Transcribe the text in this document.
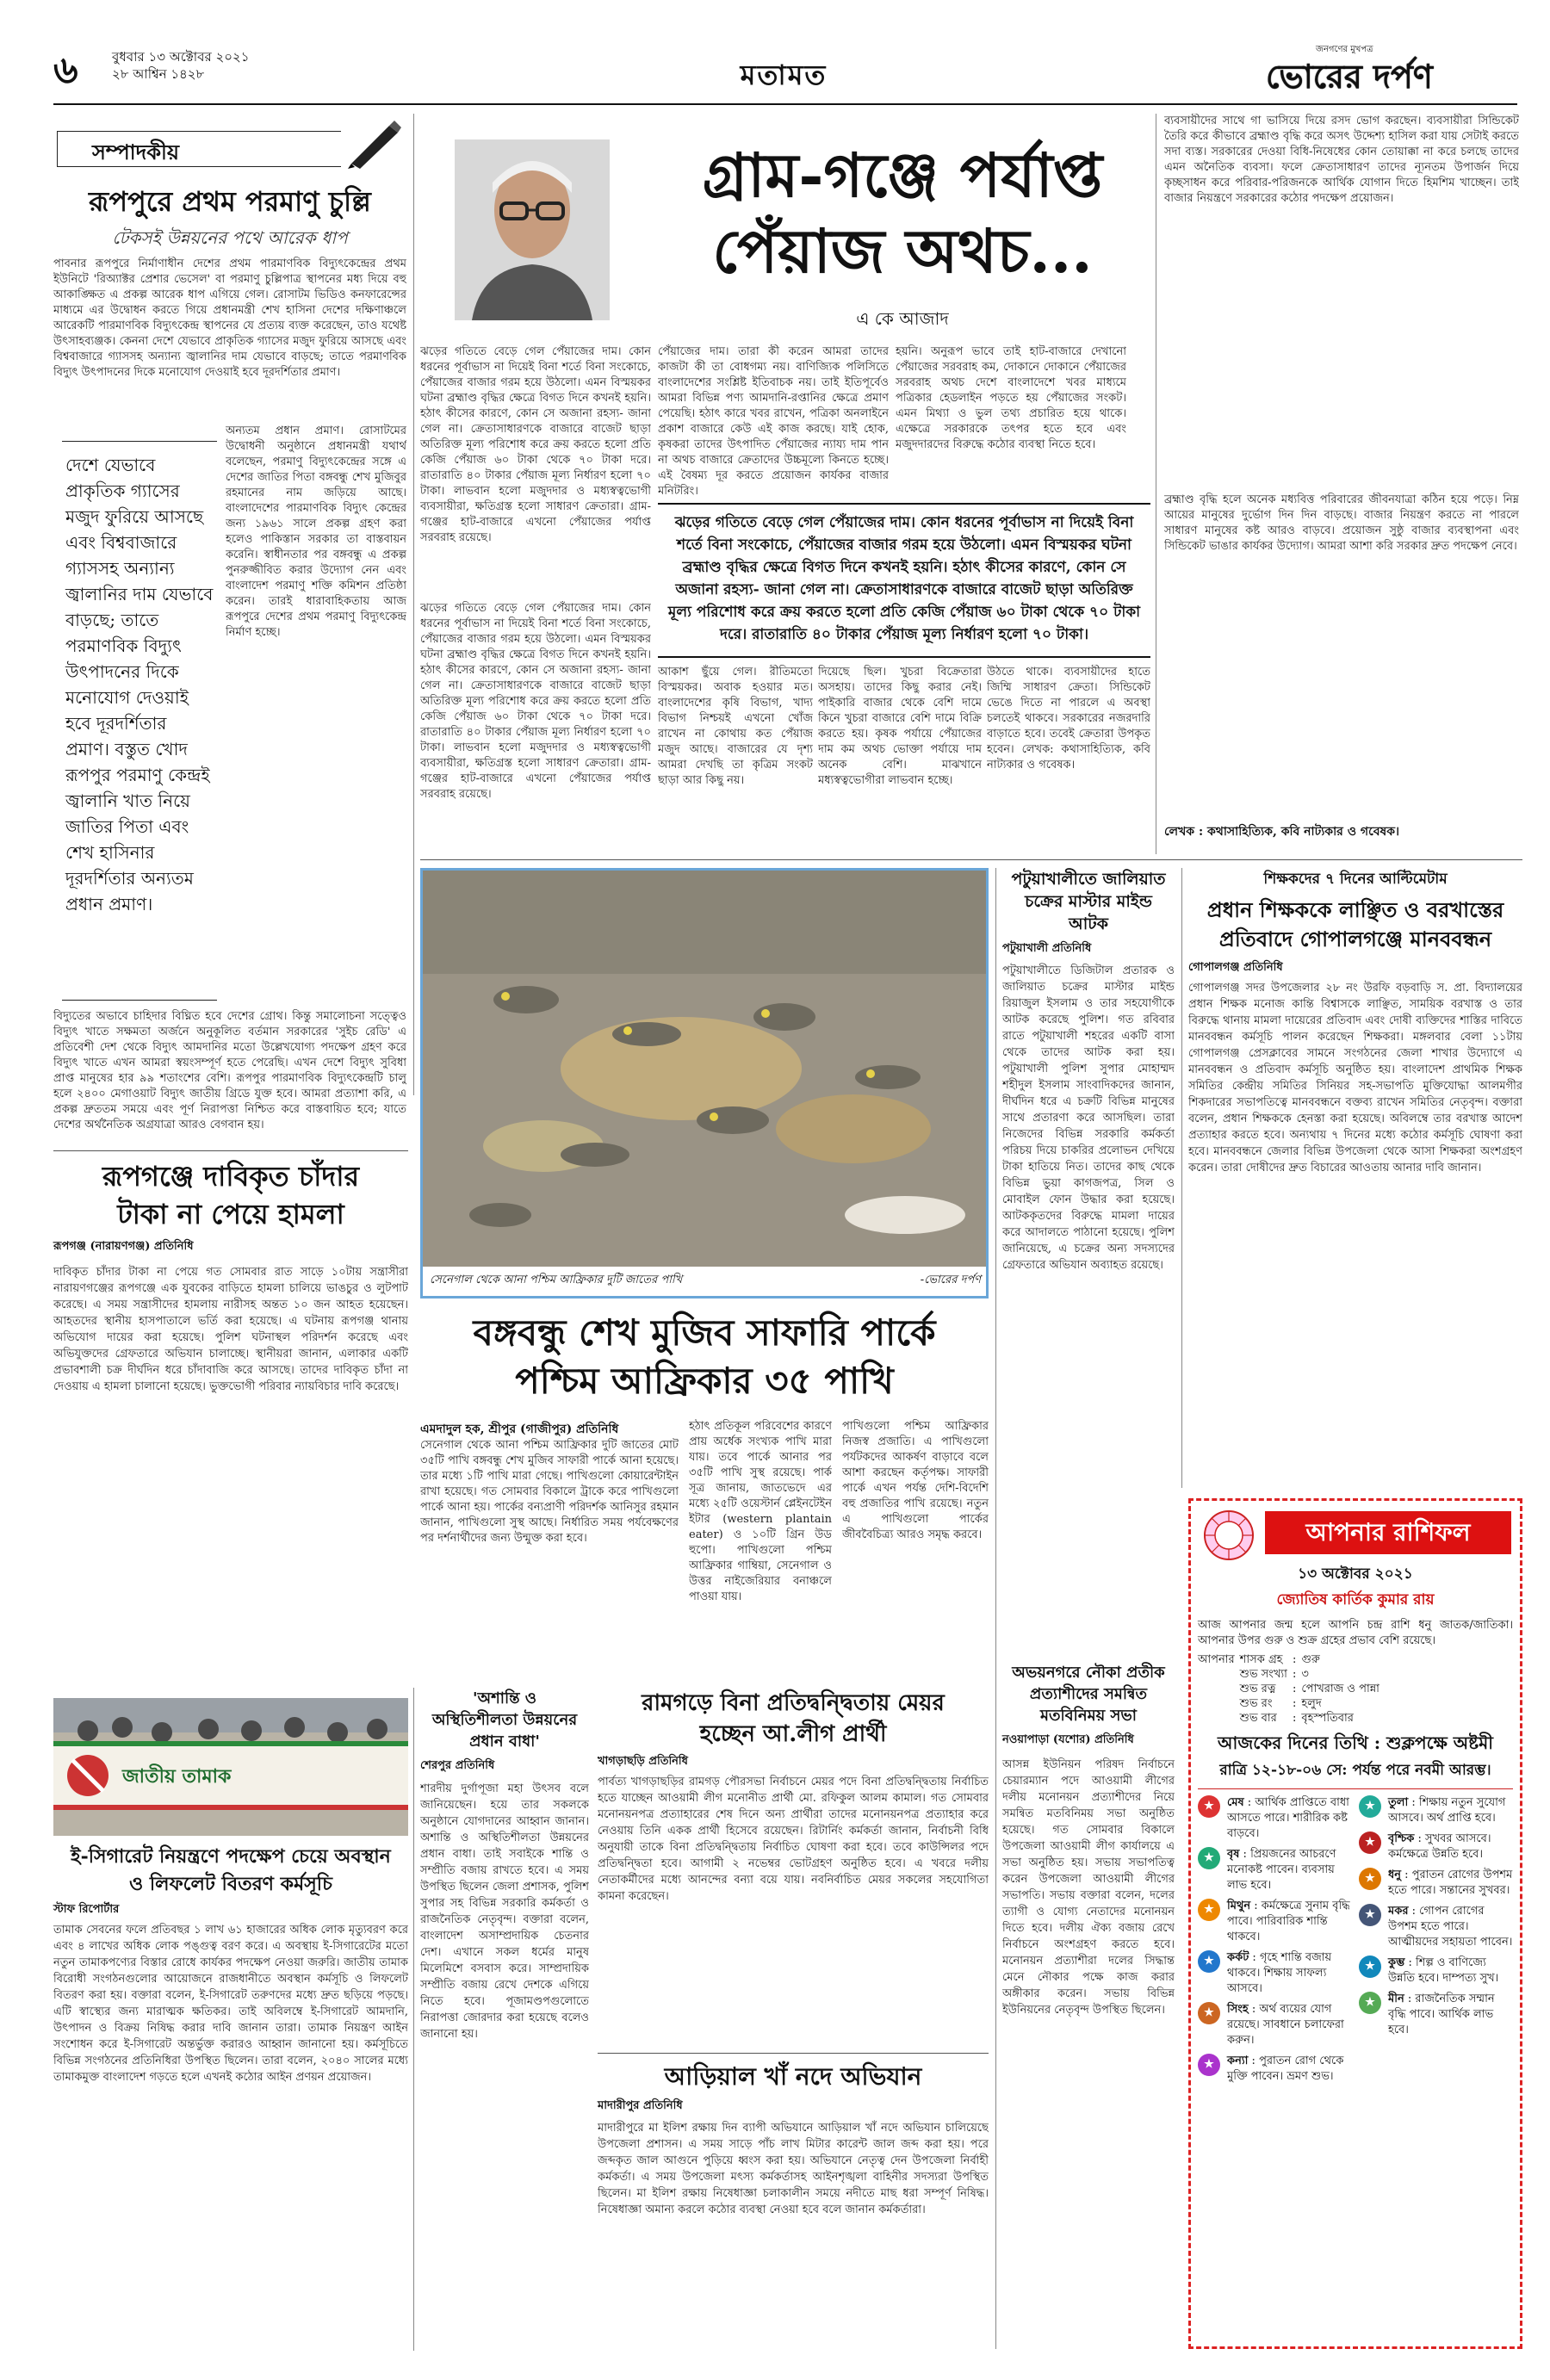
৬	বুধবার ১৩ অক্টোবর ২০২১
২৮ আশ্বিন ১৪২৮	মতামত
জনগণের মুখপত্র
ভোরের দর্পণ
সম্পাদকীয়
রূপপুরে প্রথম পরমাণু চুল্লি
টেকসই উন্নয়নের পথে আরেক ধাপ
পাবনার রূপপুরে নির্মাণাধীন দেশের প্রথম পারমাণবিক বিদ্যুৎকেন্দ্রের প্রথম ইউনিটে 'রিঅ্যাক্টর প্রেশার ভেসেল' বা পরমাণু চুল্লিপাত্র স্থাপনের মধ্য দিয়ে বহু আকাঙ্ক্ষিত এ প্রকল্প আরেক ধাপ এগিয়ে গেল। রোসাটম ভিডিও কনফারেন্সের মাধ্যমে এর উদ্বোধন করতে গিয়ে প্রধানমন্ত্রী শেখ হাসিনা দেশের দক্ষিণাঞ্চলে আরেকটি পারমাণবিক বিদ্যুৎকেন্দ্র স্থাপনের যে প্রত্যয় ব্যক্ত করেছেন, তাও যথেষ্ট উৎসাহব্যঞ্জক। কেননা দেশে যেভাবে প্রাকৃতিক গ্যাসের মজুদ ফুরিয়ে আসছে এবং বিশ্ববাজারে গ্যাসসহ অন্যান্য জ্বালানির দাম যেভাবে বাড়ছে; তাতে পরমাণবিক বিদ্যুৎ উৎপাদনের দিকে মনোযোগ দেওয়াই হবে দূরদর্শিতার প্রমাণ।
দেশে যেভাবে প্রাকৃতিক গ্যাসের মজুদ ফুরিয়ে আসছে এবং বিশ্ববাজারে গ্যাসসহ অন্যান্য জ্বালানির দাম যেভাবে বাড়ছে; তাতে পরমাণবিক বিদ্যুৎ উৎপাদনের দিকে মনোযোগ দেওয়াই হবে দূরদর্শিতার প্রমাণ। বস্তুত খোদ রূপপুর পরমাণু কেন্দ্রই জ্বালানি খাত নিয়ে জাতির পিতা এবং শেখ হাসিনার দূরদর্শিতার অন্যতম প্রধান প্রমাণ।
অন্যতম প্রধান প্রমাণ। রোসাটমের উদ্বোধনী অনুষ্ঠানে প্রধানমন্ত্রী যথার্থ বলেছেন, পরমাণু বিদ্যুৎকেন্দ্রের সঙ্গে এ দেশের জাতির পিতা বঙ্গবন্ধু শেখ মুজিবুর রহমানের নাম জড়িয়ে আছে। বাংলাদেশের পারমাণবিক বিদ্যুৎ কেন্দ্রের জন্য ১৯৬১ সালে প্রকল্প গ্রহণ করা হলেও পাকিস্তান সরকার তা বাস্তবায়ন করেনি। স্বাধীনতার পর বঙ্গবন্ধু এ প্রকল্প পুনরুজ্জীবিত করার উদ্যোগ নেন এবং বাংলাদেশ পরমাণু শক্তি কমিশন প্রতিষ্ঠা করেন। তারই ধারাবাহিকতায় আজ রূপপুরে দেশের প্রথম পরমাণু বিদ্যুৎকেন্দ্র নির্মাণ হচ্ছে।
বিদ্যুতের অভাবে চাহিদার বিঘ্নিত হবে দেশের গ্রোথ। কিন্তু সমালোচনা সত্ত্বেও বিদ্যুৎ খাতে সক্ষমতা অর্জনে অনুকূলিত বর্তমান সরকারের 'সুইচ রেডি' এ প্রতিবেশী দেশ থেকে বিদ্যুৎ আমদানির মতো উল্লেখযোগ্য পদক্ষেপ গ্রহণ করে বিদ্যুৎ খাতে এখন আমরা স্বয়ংসম্পূর্ণ হতে পেরেছি। এখন দেশে বিদ্যুৎ সুবিধা প্রাপ্ত মানুষের হার ৯৯ শতাংশের বেশি। রূপপুর পারমাণবিক বিদ্যুৎকেন্দ্রটি চালু হলে ২৪০০ মেগাওয়াট বিদ্যুৎ জাতীয় গ্রিডে যুক্ত হবে। আমরা প্রত্যাশা করি, এ প্রকল্প দ্রুততম সময়ে এবং পূর্ণ নিরাপত্তা নিশ্চিত করে বাস্তবায়িত হবে; যাতে দেশের অর্থনৈতিক অগ্রযাত্রা আরও বেগবান হয়।
গ্রাম-গঞ্জে পর্যাপ্ত
পেঁয়াজ অথচ...
এ কে আজাদ
ঝড়ের গতিতে বেড়ে গেল পেঁয়াজের দাম। কোন ধরনের পূর্বাভাস না দিয়েই বিনা শর্তে বিনা সংকোচে, পেঁয়াজের বাজার গরম হয়ে উঠলো। এমন বিস্ময়কর ঘটনা ব্রহ্মাণ্ড বৃদ্ধির ক্ষেত্রে বিগত দিনে কখনই হয়নি। হঠাৎ কীসের কারণে, কোন সে অজানা রহস্য- জানা গেল না। ক্রেতাসাধারণকে বাজারে বাজেট ছাড়া অতিরিক্ত মূল্য পরিশোধ করে ক্রয় করতে হলো প্রতি কেজি পেঁয়াজ ৬০ টাকা থেকে ৭০ টাকা দরে। রাতারাতি ৪০ টাকার পেঁয়াজ মূল্য নির্ধারণ হলো ৭০ টাকা। লাভবান হলো মজুদদার ও মধ্যস্বত্বভোগী ব্যবসায়ীরা, ক্ষতিগ্রস্ত হলো সাধারণ ক্রেতারা। গ্রাম-গঞ্জের হাট-বাজারে এখনো পেঁয়াজের পর্যাপ্ত সরবরাহ রয়েছে।
পেঁয়াজের দাম। তারা কী করেন আমরা তাদের কাজটা কী তা বোধগম্য নয়। বাণিজ্যিক পলিসিতে বাংলাদেশের সংশ্লিষ্ট ইতিবাচক নয়। তাই ইতিপূর্বেও আমরা বিভিন্ন পণ্য আমদানি-রপ্তানির ক্ষেত্রে প্রমাণ পেয়েছি। হঠাৎ কারে খবর রাখেন, পত্রিকা অনলাইনে প্রকাশ বাজারে কেউ এই কাজ করছে। যাই হোক, কৃষকরা তাদের উৎপাদিত পেঁয়াজের ন্যায্য দাম পান না অথচ বাজারে ক্রেতাদের উচ্চমূল্যে কিনতে হচ্ছে। এই বৈষম্য দূর করতে প্রয়োজন কার্যকর বাজার মনিটরিং।
হয়নি। অনুরূপ ভাবে তাই হাট-বাজারে দেখানো পেঁয়াজের সরবরাহ কম, দোকানে দোকানে পেঁয়াজের সরবরাহ অথচ দেশে বাংলাদেশে খবর মাধ্যমে পত্রিকার হেডলাইন পড়তে হয় পেঁয়াজের সংকট। এমন মিথ্যা ও ভুল তথ্য প্রচারিত হয়ে থাকে। এক্ষেত্রে সরকারকে তৎপর হতে হবে এবং মজুদদারদের বিরুদ্ধে কঠোর ব্যবস্থা নিতে হবে।
ব্যবসায়ীদের সাথে গা ভাসিয়ে দিয়ে রসদ ভোগ করছেন। ব্যবসায়ীরা সিন্ডিকেট তৈরি করে কীভাবে ব্রহ্মাণ্ড বৃদ্ধি করে অসৎ উদ্দেশ্য হাসিল করা যায় সেটাই করতে সদা ব্যস্ত। সরকারের দেওয়া বিধি-নিষেধের কোন তোয়াক্কা না করে চলছে তাদের এমন অনৈতিক ব্যবসা। ফলে ক্রেতাসাধারণ তাদের ন্যূনতম উপার্জন দিয়ে কৃচ্ছসাধন করে পরিবার-পরিজনকে আর্থিক যোগান দিতে হিমশিম খাচ্ছেন। তাই বাজার নিয়ন্ত্রণে সরকারের কঠোর পদক্ষেপ প্রয়োজন।
ব্রহ্মাণ্ড বৃদ্ধি হলে অনেক মধ্যবিত্ত পরিবারের জীবনযাত্রা কঠিন হয়ে পড়ে। নিম্ন আয়ের মানুষের দুর্ভোগ দিন দিন বাড়ছে। বাজার নিয়ন্ত্রণ করতে না পারলে সাধারণ মানুষের কষ্ট আরও বাড়বে। প্রয়োজন সুষ্ঠু বাজার ব্যবস্থাপনা এবং সিন্ডিকেট ভাঙার কার্যকর উদ্যোগ। আমরা আশা করি সরকার দ্রুত পদক্ষেপ নেবে।
ঝড়ের গতিতে বেড়ে গেল পেঁয়াজের দাম। কোন ধরনের পূর্বাভাস না দিয়েই বিনা শর্তে বিনা সংকোচে, পেঁয়াজের বাজার গরম হয়ে উঠলো। এমন বিস্ময়কর ঘটনা ব্রহ্মাণ্ড বৃদ্ধির ক্ষেত্রে বিগত দিনে কখনই হয়নি। হঠাৎ কীসের কারণে, কোন সে অজানা রহস্য- জানা গেল না। ক্রেতাসাধারণকে বাজারে বাজেট ছাড়া অতিরিক্ত মূল্য পরিশোধ করে ক্রয় করতে হলো প্রতি কেজি পেঁয়াজ ৬০ টাকা থেকে ৭০ টাকা দরে। রাতারাতি ৪০ টাকার পেঁয়াজ মূল্য নির্ধারণ হলো ৭০ টাকা।
আকাশ ছুঁয়ে গেল। রীতিমতো বিস্ময়কর। অবাক হওয়ার মত। বাংলাদেশের কৃষি বিভাগ, খাদ্য বিভাগ নিশ্চয়ই এখনো খোঁজ রাখেন না কোথায় কত পেঁয়াজ মজুদ আছে। বাজারের যে দৃশ্য আমরা দেখছি তা কৃত্রিম সংকট ছাড়া আর কিছু নয়।
দিয়েছে ছিল। খুচরা বিক্রেতারা অসহায়। তাদের কিছু করার নেই। পাইকারি বাজার থেকে বেশি দামে কিনে খুচরা বাজারে বেশি দামে বিক্রি করতে হয়। কৃষক পর্যায়ে পেঁয়াজের দাম কম অথচ ভোক্তা পর্যায়ে দাম অনেক বেশি। মাঝখানে মধ্যস্বত্বভোগীরা লাভবান হচ্ছে।
উঠতে থাকে। ব্যবসায়ীদের হাতে জিম্মি সাধারণ ক্রেতা। সিন্ডিকেট ভেঙে দিতে না পারলে এ অবস্থা চলতেই থাকবে। সরকারের নজরদারি বাড়াতে হবে। তবেই ক্রেতারা উপকৃত হবেন। লেখক: কথাসাহিত্যিক, কবি নাট্যকার ও গবেষক।
ঝড়ের গতিতে বেড়ে গেল পেঁয়াজের দাম। কোন ধরনের পূর্বাভাস না দিয়েই বিনা শর্তে বিনা সংকোচে, পেঁয়াজের বাজার গরম হয়ে উঠলো। এমন বিস্ময়কর ঘটনা ব্রহ্মাণ্ড বৃদ্ধির ক্ষেত্রে বিগত দিনে কখনই হয়নি। হঠাৎ কীসের কারণে, কোন সে অজানা রহস্য- জানা গেল না। ক্রেতাসাধারণকে বাজারে বাজেট ছাড়া অতিরিক্ত মূল্য পরিশোধ করে ক্রয় করতে হলো প্রতি কেজি পেঁয়াজ ৬০ টাকা থেকে ৭০ টাকা দরে। রাতারাতি ৪০ টাকার পেঁয়াজ মূল্য নির্ধারণ হলো ৭০ টাকা। লাভবান হলো মজুদদার ও মধ্যস্বত্বভোগী ব্যবসায়ীরা, ক্ষতিগ্রস্ত হলো সাধারণ ক্রেতারা। গ্রাম-গঞ্জের হাট-বাজারে এখনো পেঁয়াজের পর্যাপ্ত সরবরাহ রয়েছে।
লেখক : কথাসাহিত্যিক, কবি নাট্যকার ও গবেষক।
সেনেগাল থেকে আনা পশ্চিম আফ্রিকার দুটি জাতের পাখি	-ভোরের দর্পণ
বঙ্গবন্ধু শেখ মুজিব সাফারি পার্কে
পশ্চিম আফ্রিকার ৩৫ পাখি
এমদাদুল হক, শ্রীপুর (গাজীপুর) প্রতিনিধি
সেনেগাল থেকে আনা পশ্চিম আফ্রিকার দুটি জাতের মোট ৩৫টি পাখি বঙ্গবন্ধু শেখ মুজিব সাফারী পার্কে আনা হয়েছে। তার মধ্যে ১টি পাখি মারা গেছে। পাখিগুলো কোয়ারেন্টাইন রাখা হয়েছে। গত সোমবার বিকালে ট্রাকে করে পাখিগুলো পার্কে আনা হয়। পার্কের বন্যপ্রাণী পরিদর্শক আনিসুর রহমান জানান, পাখিগুলো সুস্থ আছে। নির্ধারিত সময় পর্যবেক্ষণের পর দর্শনার্থীদের জন্য উন্মুক্ত করা হবে।
হঠাৎ প্রতিকূল পরিবেশের কারণে প্রায় অর্ধেক সংখ্যক পাখি মারা যায়। তবে পার্কে আনার পর ৩৫টি পাখি সুস্থ রয়েছে। পার্ক সূত্র জানায়, জাতভেদে এর মধ্যে ২৫টি ওয়েস্টার্ন প্লেইনটেইন ইটার (western plantain eater) ও ১০টি গ্রিন উড হুপো। পাখিগুলো পশ্চিম আফ্রিকার গাম্বিয়া, সেনেগাল ও উত্তর নাইজেরিয়ার বনাঞ্চলে পাওয়া যায়।
পাখিগুলো পশ্চিম আফ্রিকার নিজস্ব প্রজাতি। এ পাখিগুলো পর্যটকদের আকর্ষণ বাড়াবে বলে আশা করছেন কর্তৃপক্ষ। সাফারী পার্কে এখন পর্যন্ত দেশি-বিদেশি বহু প্রজাতির পাখি রয়েছে। নতুন এ পাখিগুলো পার্কের জীববৈচিত্র্য আরও সমৃদ্ধ করবে।
পটুয়াখালীতে জালিয়াত
চক্রের মাস্টার মাইন্ড
আটক
পটুয়াখালী প্রতিনিধি
পটুয়াখালীতে ডিজিটাল প্রতারক ও জালিয়াত চক্রের মাস্টার মাইন্ড রিয়াজুল ইসলাম ও তার সহযোগীকে আটক করেছে পুলিশ। গত রবিবার রাতে পটুয়াখালী শহরের একটি বাসা থেকে তাদের আটক করা হয়। পটুয়াখালী পুলিশ সুপার মোহাম্মদ শহীদুল ইসলাম সাংবাদিকদের জানান, দীর্ঘদিন ধরে এ চক্রটি বিভিন্ন মানুষের সাথে প্রতারণা করে আসছিল। তারা নিজেদের বিভিন্ন সরকারি কর্মকর্তা পরিচয় দিয়ে চাকরির প্রলোভন দেখিয়ে টাকা হাতিয়ে নিত। তাদের কাছ থেকে বিভিন্ন ভুয়া কাগজপত্র, সিল ও মোবাইল ফোন উদ্ধার করা হয়েছে। আটককৃতদের বিরুদ্ধে মামলা দায়ের করে আদালতে পাঠানো হয়েছে। পুলিশ জানিয়েছে, এ চক্রের অন্য সদস্যদের গ্রেফতারে অভিযান অব্যাহত রয়েছে।
অভয়নগরে নৌকা প্রতীক
প্রত্যাশীদের সমন্বিত
মতবিনিময় সভা
নওয়াপাড়া (যশোর) প্রতিনিধি
আসন্ন ইউনিয়ন পরিষদ নির্বাচনে চেয়ারম্যান পদে আওয়ামী লীগের দলীয় মনোনয়ন প্রত্যাশীদের নিয়ে সমন্বিত মতবিনিময় সভা অনুষ্ঠিত হয়েছে। গত সোমবার বিকালে উপজেলা আওয়ামী লীগ কার্যালয়ে এ সভা অনুষ্ঠিত হয়। সভায় সভাপতিত্ব করেন উপজেলা আওয়ামী লীগের সভাপতি। সভায় বক্তারা বলেন, দলের ত্যাগী ও যোগ্য নেতাদের মনোনয়ন দিতে হবে। দলীয় ঐক্য বজায় রেখে নির্বাচনে অংশগ্রহণ করতে হবে। মনোনয়ন প্রত্যাশীরা দলের সিদ্ধান্ত মেনে নৌকার পক্ষে কাজ করার অঙ্গীকার করেন। সভায় বিভিন্ন ইউনিয়নের নেতৃবৃন্দ উপস্থিত ছিলেন।
শিক্ষকদের ৭ দিনের আল্টিমেটাম
প্রধান শিক্ষককে লাঞ্ছিত ও বরখাস্তের
প্রতিবাদে গোপালগঞ্জে মানববন্ধন
গোপালগঞ্জ প্রতিনিধি
গোপালগঞ্জ সদর উপজেলার ২৮ নং উরফি বড়বাড়ি স. প্রা. বিদ্যালয়ের প্রধান শিক্ষক মনোজ কান্তি বিশ্বাসকে লাঞ্ছিত, সাময়িক বরখাস্ত ও তার বিরুদ্ধে থানায় মামলা দায়েরের প্রতিবাদ এবং দোষী ব্যক্তিদের শাস্তির দাবিতে মানববন্ধন কর্মসূচি পালন করেছেন শিক্ষকরা। মঙ্গলবার বেলা ১১টায় গোপালগঞ্জ প্রেসক্লাবের সামনে সংগঠনের জেলা শাখার উদ্যোগে এ মানববন্ধন ও প্রতিবাদ কর্মসূচি অনুষ্ঠিত হয়। বাংলাদেশ প্রাথমিক শিক্ষক সমিতির কেন্দ্রীয় সমিতির সিনিয়র সহ-সভাপতি মুক্তিযোদ্ধা আলমগীর শিকদারের সভাপতিত্বে মানববন্ধনে বক্তব্য রাখেন সমিতির নেতৃবৃন্দ। বক্তারা বলেন, প্রধান শিক্ষককে হেনস্তা করা হয়েছে। অবিলম্বে তার বরখাস্ত আদেশ প্রত্যাহার করতে হবে। অন্যথায় ৭ দিনের মধ্যে কঠোর কর্মসূচি ঘোষণা করা হবে। মানববন্ধনে জেলার বিভিন্ন উপজেলা থেকে আসা শিক্ষকরা অংশগ্রহণ করেন। তারা দোষীদের দ্রুত বিচারের আওতায় আনার দাবি জানান।
আপনার রাশিফল
১৩ অক্টোবর ২০২১
জ্যোতিষ কার্তিক কুমার রায়
আজ আপনার জন্ম হলে আপনি চন্দ্র রাশি ধনু জাতক/জাতিকা। আপনার উপর গুরু ও শুক্র গ্রহের প্রভাব বেশি রয়েছে।
আপনার	শাসক গ্রহ	:	গুরু
	শুভ সংখ্যা	:	৩
	শুভ রত্ন	:	পোখরাজ ও পান্না
	শুভ রং	:	হলুদ
	শুভ বার	:	বৃহস্পতিবার
আজকের দিনের তিথি : শুক্লপক্ষে অষ্টমী
রাত্রি ১২-১৮-০৬ সে: পর্যন্ত পরে নবমী আরম্ভ।
★	মেষ : আর্থিক প্রাপ্তিতে বাধা আসতে পারে। শারীরিক কষ্ট বাড়বে।
★	বৃষ : প্রিয়জনের আচরণে মনোকষ্ট পাবেন। ব্যবসায় লাভ হবে।
★	মিথুন : কর্মক্ষেত্রে সুনাম বৃদ্ধি পাবে। পারিবারিক শান্তি থাকবে।
★	কর্কট : গৃহে শান্তি বজায় থাকবে। শিক্ষায় সাফল্য আসবে।
★	সিংহ : অর্থ ব্যয়ের যোগ রয়েছে। সাবধানে চলাফেরা করুন।
★	কন্যা : পুরাতন রোগ থেকে মুক্তি পাবেন। ভ্রমণ শুভ।
★	তুলা : শিক্ষায় নতুন সুযোগ আসবে। অর্থ প্রাপ্তি হবে।
★	বৃশ্চিক : সুখবর আসবে। কর্মক্ষেত্রে উন্নতি হবে।
★	ধনু : পুরাতন রোগের উপশম হতে পারে। সন্তানের সুখবর।
★	মকর : গোপন রোগের উপশম হতে পারে। আত্মীয়দের সহায়তা পাবেন।
★	কুম্ভ : শিল্প ও বাণিজ্যে উন্নতি হবে। দাম্পত্য সুখ।
★	মীন : রাজনৈতিক সম্মান বৃদ্ধি পাবে। আর্থিক লাভ হবে।
রূপগঞ্জে দাবিকৃত চাঁদার
টাকা না পেয়ে হামলা
রূপগঞ্জ (নারায়ণগঞ্জ) প্রতিনিধি
দাবিকৃত চাঁদার টাকা না পেয়ে গত সোমবার রাত সাড়ে ১০টায় সন্ত্রাসীরা নারায়ণগঞ্জের রূপগঞ্জে এক যুবকের বাড়িতে হামলা চালিয়ে ভাঙচুর ও লুটপাট করেছে। এ সময় সন্ত্রাসীদের হামলায় নারীসহ অন্তত ১০ জন আহত হয়েছেন। আহতদের স্থানীয় হাসপাতালে ভর্তি করা হয়েছে। এ ঘটনায় রূপগঞ্জ থানায় অভিযোগ দায়ের করা হয়েছে। পুলিশ ঘটনাস্থল পরিদর্শন করেছে এবং অভিযুক্তদের গ্রেফতারে অভিযান চালাচ্ছে। স্থানীয়রা জানান, এলাকার একটি প্রভাবশালী চক্র দীর্ঘদিন ধরে চাঁদাবাজি করে আসছে। তাদের দাবিকৃত চাঁদা না দেওয়ায় এ হামলা চালানো হয়েছে। ভুক্তভোগী পরিবার ন্যায়বিচার দাবি করেছে।
জাতীয় তামাক
ই-সিগারেট নিয়ন্ত্রণে পদক্ষেপ চেয়ে অবস্থান
ও লিফলেট বিতরণ কর্মসূচি
স্টাফ রিপোর্টার
তামাক সেবনের ফলে প্রতিবছর ১ লাখ ৬১ হাজারের অধিক লোক মৃত্যুবরণ করে এবং ৪ লাখের অধিক লোক পঙ্গুত্ব বরণ করে। এ অবস্থায় ই-সিগারেটের মতো নতুন তামাকপণ্যের বিস্তার রোধে কার্যকর পদক্ষেপ নেওয়া জরুরি। জাতীয় তামাক বিরোধী সংগঠনগুলোর আয়োজনে রাজধানীতে অবস্থান কর্মসূচি ও লিফলেট বিতরণ করা হয়। বক্তারা বলেন, ই-সিগারেট তরুণদের মধ্যে দ্রুত ছড়িয়ে পড়ছে। এটি স্বাস্থ্যের জন্য মারাত্মক ক্ষতিকর। তাই অবিলম্বে ই-সিগারেট আমদানি, উৎপাদন ও বিক্রয় নিষিদ্ধ করার দাবি জানান তারা। তামাক নিয়ন্ত্রণ আইন সংশোধন করে ই-সিগারেট অন্তর্ভুক্ত করারও আহ্বান জানানো হয়। কর্মসূচিতে বিভিন্ন সংগঠনের প্রতিনিধিরা উপস্থিত ছিলেন। তারা বলেন, ২০৪০ সালের মধ্যে তামাকমুক্ত বাংলাদেশ গড়তে হলে এখনই কঠোর আইন প্রণয়ন প্রয়োজন।
'অশান্তি ও
অস্থিতিশীলতা উন্নয়নের
প্রধান বাধা'
শেরপুর প্রতিনিধি
শারদীয় দুর্গাপূজা মহা উৎসব বলে জানিয়েছেন। হয়ে তার সকলকে অনুষ্ঠানে যোগদানের আহ্বান জানান। অশান্তি ও অস্থিতিশীলতা উন্নয়নের প্রধান বাধা। তাই সবাইকে শান্তি ও সম্প্রীতি বজায় রাখতে হবে। এ সময় উপস্থিত ছিলেন জেলা প্রশাসক, পুলিশ সুপার সহ বিভিন্ন সরকারি কর্মকর্তা ও রাজনৈতিক নেতৃবৃন্দ। বক্তারা বলেন, বাংলাদেশ অসাম্প্রদায়িক চেতনার দেশ। এখানে সকল ধর্মের মানুষ মিলেমিশে বসবাস করে। সাম্প্রদায়িক সম্প্রীতি বজায় রেখে দেশকে এগিয়ে নিতে হবে। পূজামণ্ডপগুলোতে নিরাপত্তা জোরদার করা হয়েছে বলেও জানানো হয়।
রামগড়ে বিনা প্রতিদ্বন্দ্বিতায় মেয়র
হচ্ছেন আ.লীগ প্রার্থী
খাগড়াছড়ি প্রতিনিধি
পার্বত্য খাগড়াছড়ির রামগড় পৌরসভা নির্বাচনে মেয়র পদে বিনা প্রতিদ্বন্দ্বিতায় নির্বাচিত হতে যাচ্ছেন আওয়ামী লীগ মনোনীত প্রার্থী মো. রফিকুল আলম কামাল। গত সোমবার মনোনয়নপত্র প্রত্যাহারের শেষ দিনে অন্য প্রার্থীরা তাদের মনোনয়নপত্র প্রত্যাহার করে নেওয়ায় তিনি একক প্রার্থী হিসেবে রয়েছেন। রিটার্নিং কর্মকর্তা জানান, নির্বাচনী বিধি অনুযায়ী তাকে বিনা প্রতিদ্বন্দ্বিতায় নির্বাচিত ঘোষণা করা হবে। তবে কাউন্সিলর পদে প্রতিদ্বন্দ্বিতা হবে। আগামী ২ নভেম্বর ভোটগ্রহণ অনুষ্ঠিত হবে। এ খবরে দলীয় নেতাকর্মীদের মধ্যে আনন্দের বন্যা বয়ে যায়। নবনির্বাচিত মেয়র সকলের সহযোগিতা কামনা করেছেন।
আড়িয়াল খাঁ নদে অভিযান
মাদারীপুর প্রতিনিধি
মাদারীপুরে মা ইলিশ রক্ষায় দিন ব্যাপী অভিযানে আড়িয়াল খাঁ নদে অভিযান চালিয়েছে উপজেলা প্রশাসন। এ সময় সাড়ে পাঁচ লাখ মিটার কারেন্ট জাল জব্দ করা হয়। পরে জব্দকৃত জাল আগুনে পুড়িয়ে ধ্বংস করা হয়। অভিযানে নেতৃত্ব দেন উপজেলা নির্বাহী কর্মকর্তা। এ সময় উপজেলা মৎস্য কর্মকর্তাসহ আইনশৃঙ্খলা বাহিনীর সদস্যরা উপস্থিত ছিলেন। মা ইলিশ রক্ষায় নিষেধাজ্ঞা চলাকালীন সময়ে নদীতে মাছ ধরা সম্পূর্ণ নিষিদ্ধ। নিষেধাজ্ঞা অমান্য করলে কঠোর ব্যবস্থা নেওয়া হবে বলে জানান কর্মকর্তারা।
